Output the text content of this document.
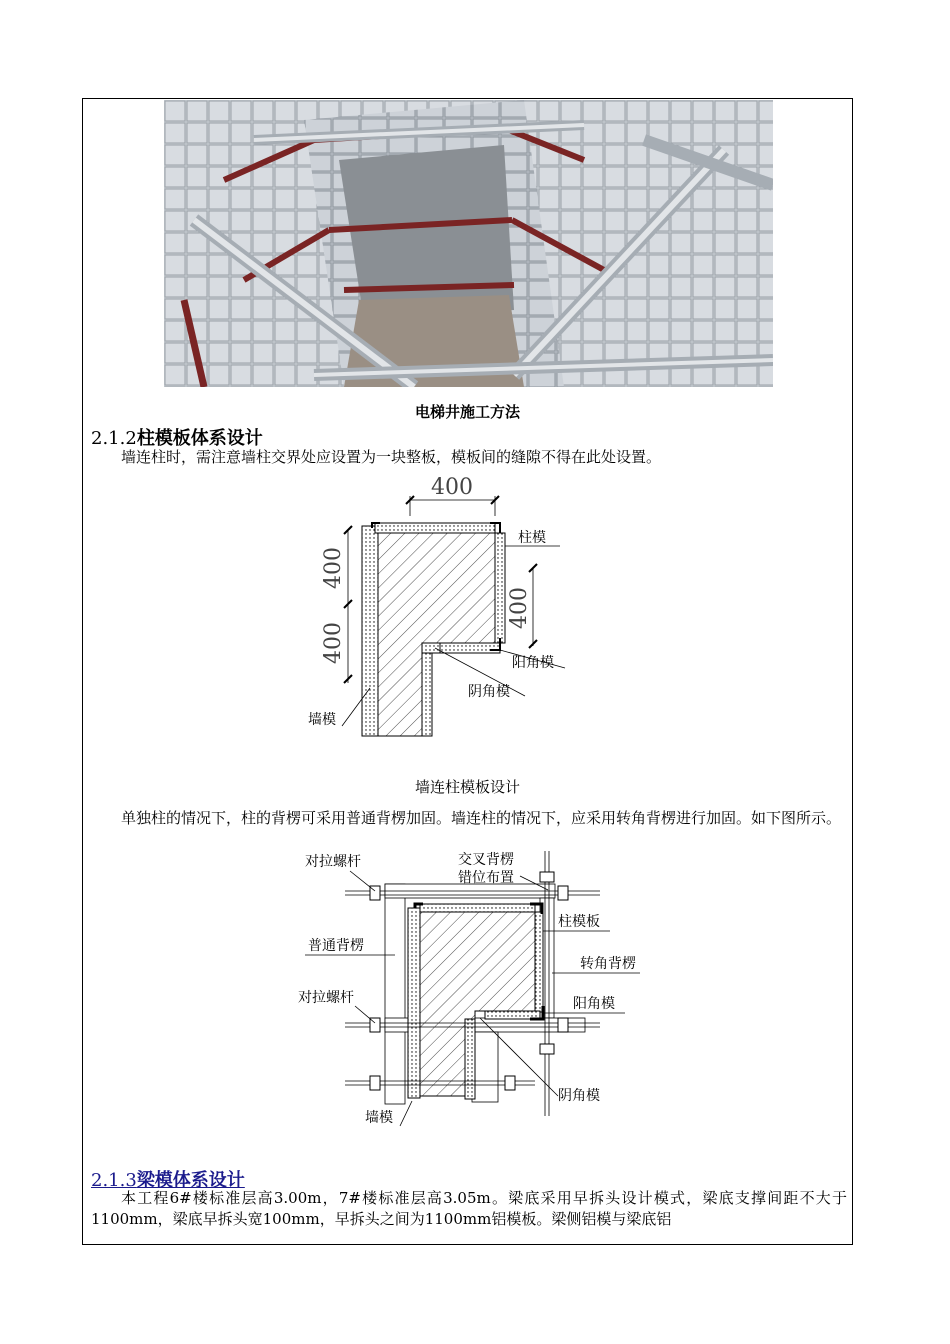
电梯井施工方法
2.1.2柱模板体系设计
墙连柱时，需注意墙柱交界处应设置为一块整板，模板间的缝隙不得在此处设置。
400
400
400
400
柱模
阳角模
阴角模
墙模
墙连柱模板设计
单独柱的情况下，柱的背楞可采用普通背楞加固。墙连柱的情况下，应采用转角背楞进行加固。如下图所示。
对拉螺杆	交叉背楞
错位布置
柱模板
普通背楞
转角背楞
对拉螺杆	阳角模
阴角模
墙模
2.1.3梁模体系设计
本工程6#楼标准层高3.00m，7#楼标准层高3.05m。梁底采用早拆头设计模式，梁底支撑间距不大于1100mm，梁底早拆头宽100mm，早拆头之间为1100mm铝模板。梁侧铝模与梁底铝
